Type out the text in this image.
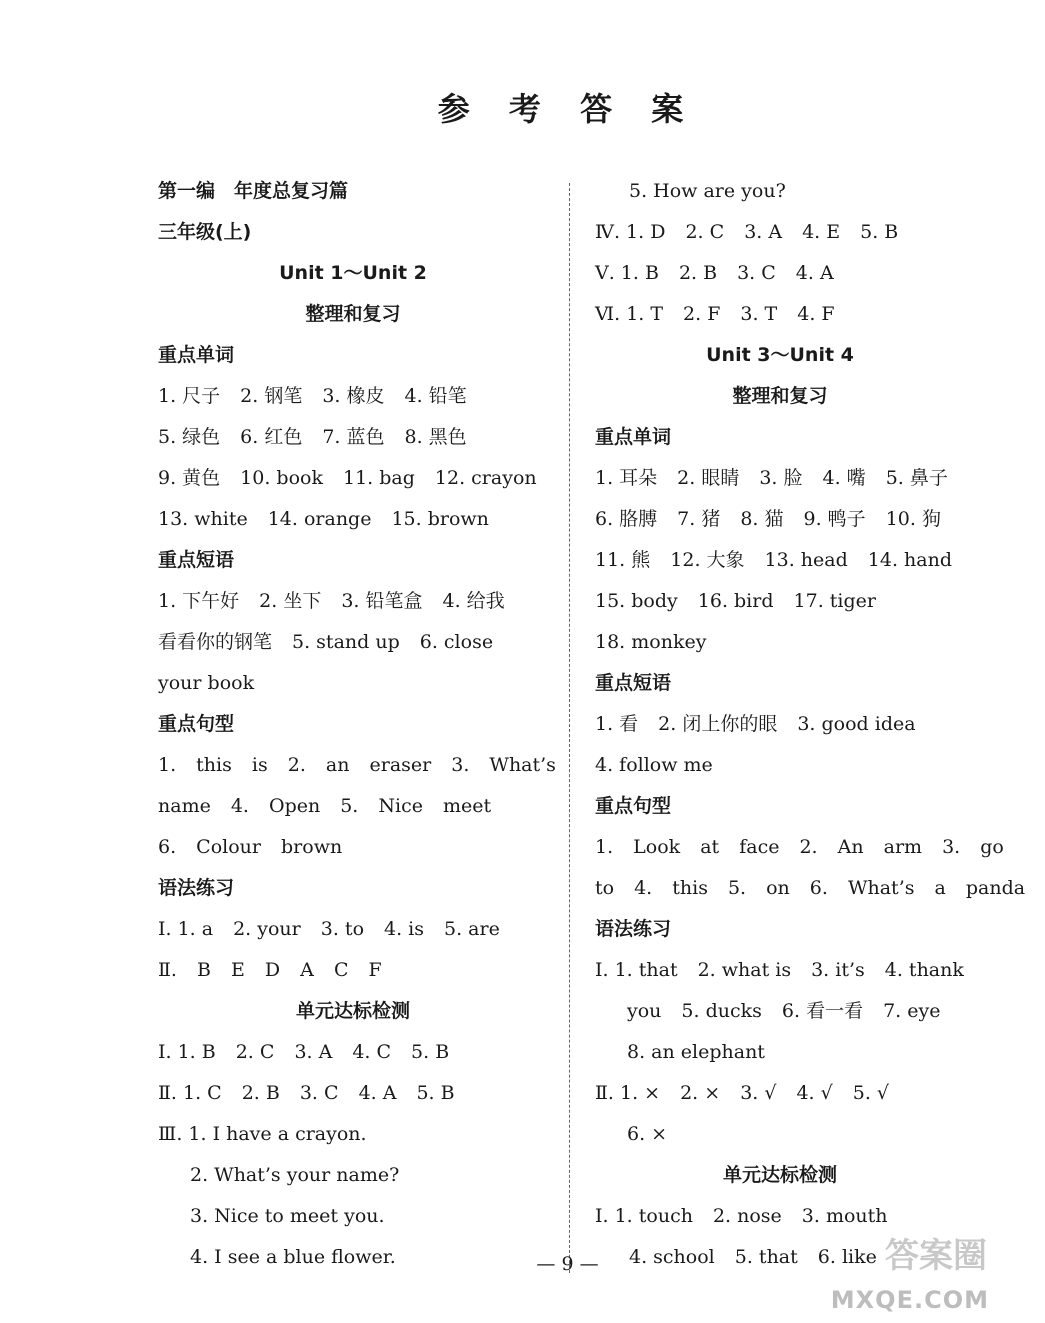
参 考 答 案
第一编　年度总复习篇
三年级(上)
Unit 1～Unit 2
整理和复习
重点单词
1. 尺子 2. 钢笔 3. 橡皮 4. 铅笔
5. 绿色 6. 红色 7. 蓝色 8. 黑色
9. 黄色 10. book 11. bag 12. crayon
13. white 14. orange 15. brown
重点短语
1. 下午好 2. 坐下 3. 铅笔盒 4. 给我
看看你的钢笔 5. stand up 6. close
your book
重点句型
1. this is 2. an eraser 3. What’s
name 4. Open 5. Nice meet
6. Colour brown
语法练习
Ⅰ. 1. a 2. your 3. to 4. is 5. are
Ⅱ. B E D A C F
单元达标检测
Ⅰ. 1. B 2. C 3. A 4. C 5. B
Ⅱ. 1. C 2. B 3. C 4. A 5. B
Ⅲ. 1. I have a crayon.
2. What’s your name?
3. Nice to meet you.
4. I see a blue flower.
5. How are you?
Ⅳ. 1. D 2. C 3. A 4. E 5. B
Ⅴ. 1. B 2. B 3. C 4. A
Ⅵ. 1. T 2. F 3. T 4. F
Unit 3～Unit 4
整理和复习
重点单词
1. 耳朵 2. 眼睛 3. 脸 4. 嘴 5. 鼻子
6. 胳膊 7. 猪 8. 猫 9. 鸭子 10. 狗
11. 熊 12. 大象 13. head 14. hand
15. body 16. bird 17. tiger
18. monkey
重点短语
1. 看 2. 闭上你的眼 3. good idea
4. follow me
重点句型
1. Look at face 2. An arm 3. go
to 4. this 5. on 6. What’s a panda
语法练习
Ⅰ. 1. that 2. what is 3. it’s 4. thank
you 5. ducks 6. 看一看 7. eye
8. an elephant
Ⅱ. 1. × 2. × 3. √ 4. √ 5. √
6. ×
单元达标检测
Ⅰ. 1. touch 2. nose 3. mouth
4. school 5. that 6. like
— 9 —	答案圈
MXQE.COM
